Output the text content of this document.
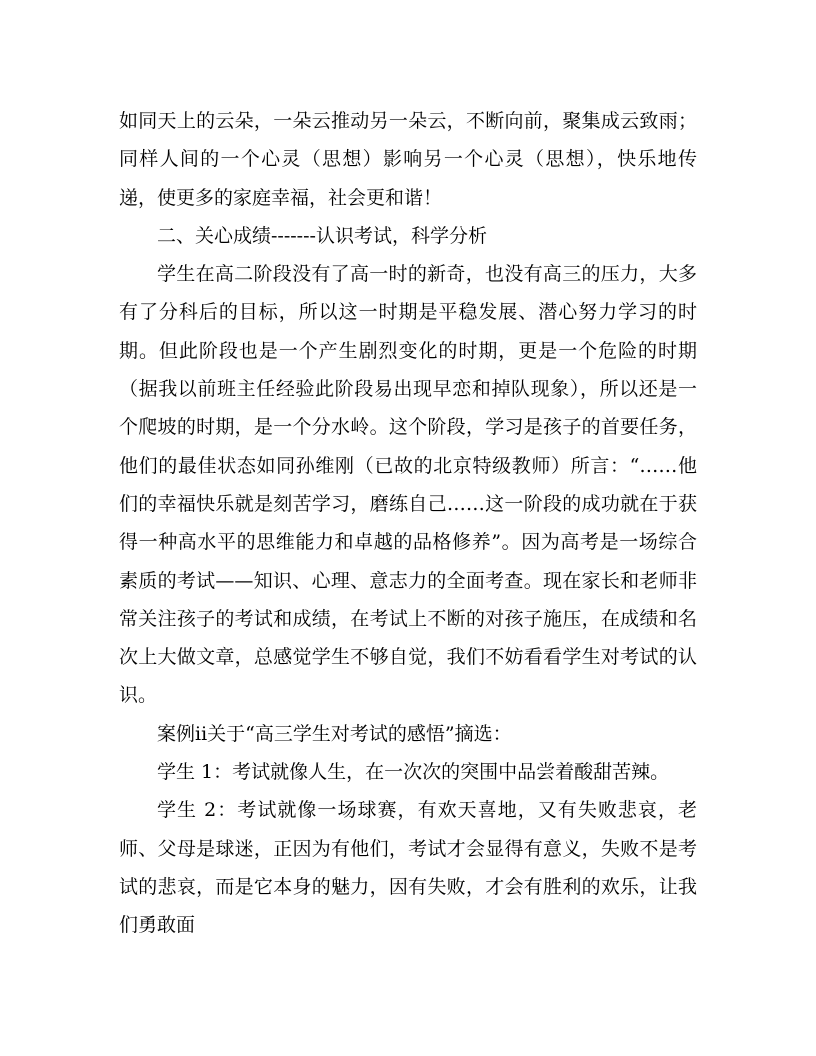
如同天上的云朵，一朵云推动另一朵云，不断向前，聚集成云致雨；同样人间的一个心灵（思想）影响另一个心灵（思想），快乐地传递，使更多的家庭幸福，社会更和谐！

二、关心成绩-------认识考试，科学分析

学生在高二阶段没有了高一时的新奇，也没有高三的压力，大多有了分科后的目标，所以这一时期是平稳发展、潜心努力学习的时期。但此阶段也是一个产生剧烈变化的时期，更是一个危险的时期（据我以前班主任经验此阶段易出现早恋和掉队现象），所以还是一个爬坡的时期，是一个分水岭。这个阶段，学习是孩子的首要任务，他们的最佳状态如同孙维刚（已故的北京特级教师）所言：“……他们的幸福快乐就是刻苦学习，磨练自己……这一阶段的成功就在于获得一种高水平的思维能力和卓越的品格修养”。因为高考是一场综合素质的考试——知识、心理、意志力的全面考查。现在家长和老师非常关注孩子的考试和成绩，在考试上不断的对孩子施压，在成绩和名次上大做文章，总感觉学生不够自觉，我们不妨看看学生对考试的认识。

案例ⅱ关于“高三学生对考试的感悟”摘选：

学生 1：考试就像人生，在一次次的突围中品尝着酸甜苦辣。

学生 2：考试就像一场球赛，有欢天喜地，又有失败悲哀，老师、父母是球迷，正因为有他们，考试才会显得有意义，失败不是考试的悲哀，而是它本身的魅力，因有失败，才会有胜利的欢乐，让我们勇敢面
